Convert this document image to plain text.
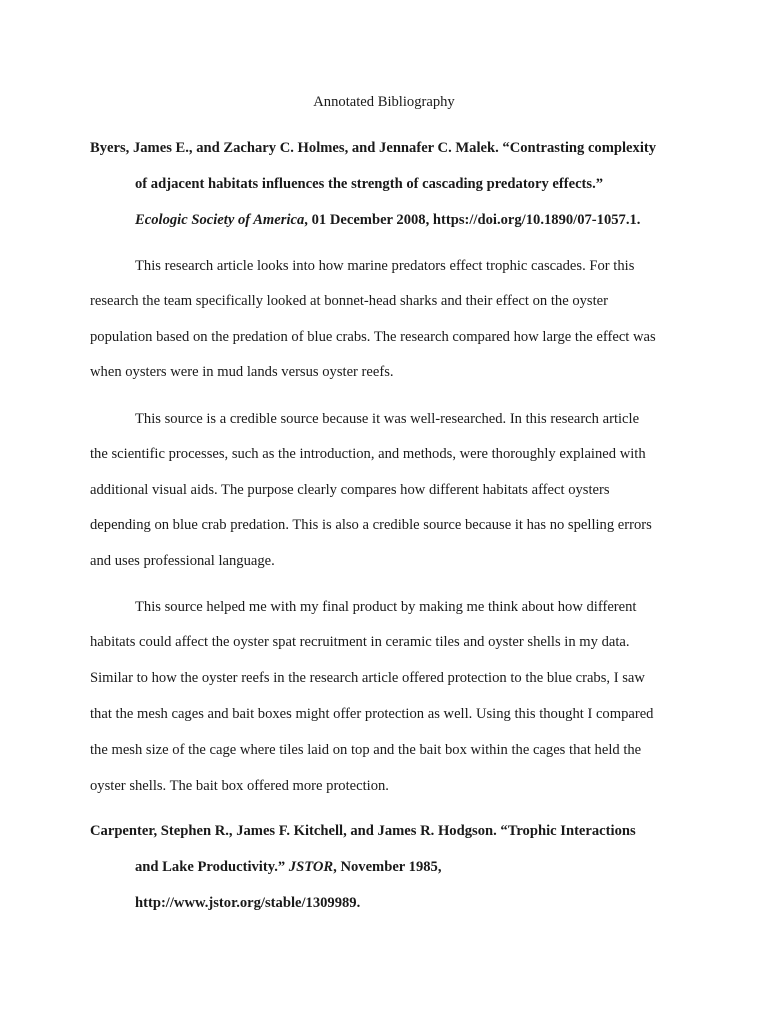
Annotated Bibliography
Byers, James E., and Zachary C. Holmes, and Jennafer C. Malek. “Contrasting complexity
of adjacent habitats influences the strength of cascading predatory effects.”
Ecologic Society of America, 01 December 2008, https://doi.org/10.1890/07-1057.1.
This research article looks into how marine predators effect trophic cascades. For this
research the team specifically looked at bonnet-head sharks and their effect on the oyster
population based on the predation of blue crabs. The research compared how large the effect was
when oysters were in mud lands versus oyster reefs.
This source is a credible source because it was well-researched. In this research article
the scientific processes, such as the introduction, and methods, were thoroughly explained with
additional visual aids. The purpose clearly compares how different habitats affect oysters
depending on blue crab predation. This is also a credible source because it has no spelling errors
and uses professional language.
This source helped me with my final product by making me think about how different
habitats could affect the oyster spat recruitment in ceramic tiles and oyster shells in my data.
Similar to how the oyster reefs in the research article offered protection to the blue crabs, I saw
that the mesh cages and bait boxes might offer protection as well. Using this thought I compared
the mesh size of the cage where tiles laid on top and the bait box within the cages that held the
oyster shells. The bait box offered more protection.
Carpenter, Stephen R., James F. Kitchell, and James R. Hodgson. “Trophic Interactions
and Lake Productivity.” JSTOR, November 1985,
http://www.jstor.org/stable/1309989.
